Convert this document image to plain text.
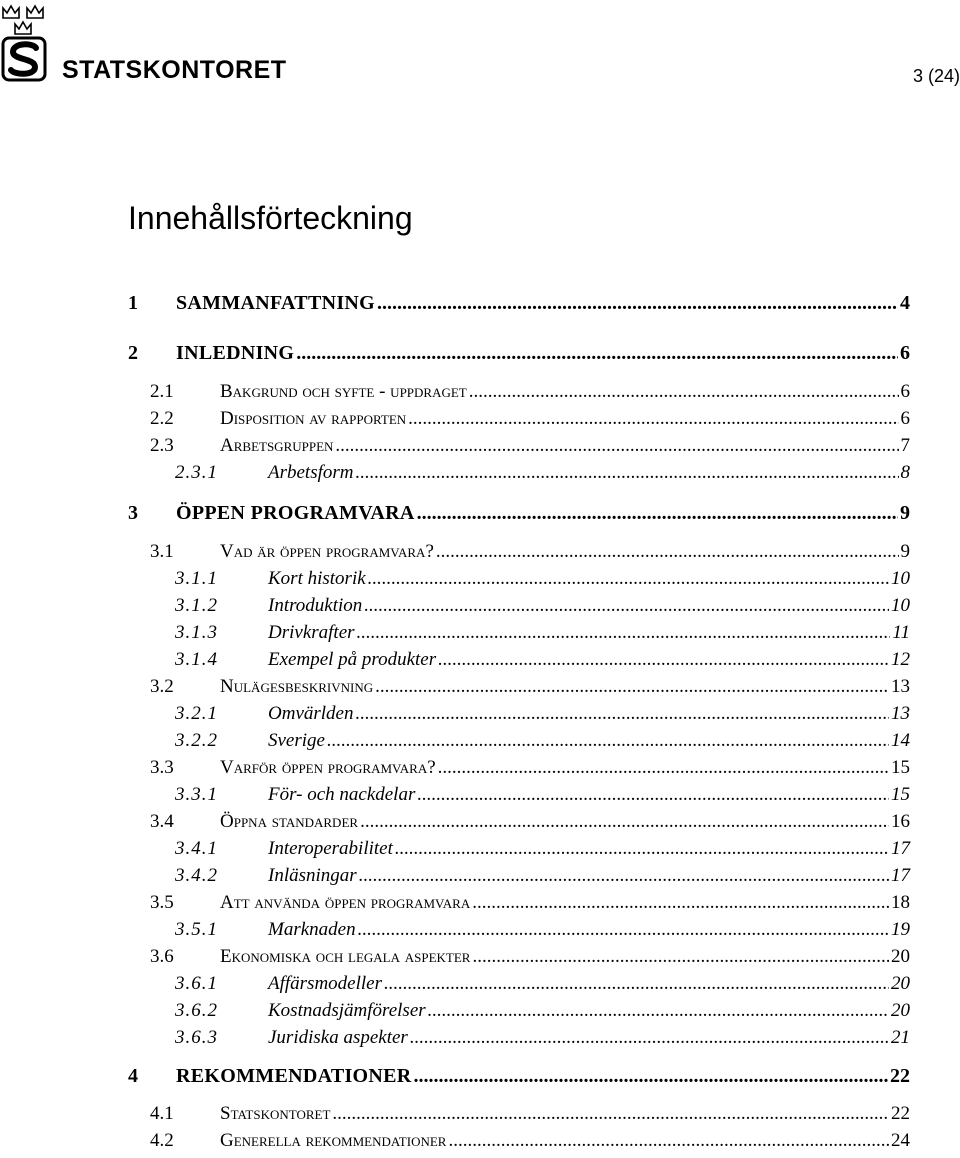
STATSKONTORET	3 (24)
Innehållsförteckning
1	SAMMANFATTNING .....	4
2	INLEDNING .....	6
2.1	Bakgrund och syfte - uppdraget .....	6
2.2	Disposition av rapporten .....	6
2.3	Arbetsgruppen .....	7
2.3.1	Arbetsform .....	8
3	ÖPPEN PROGRAMVARA .....	9
3.1	Vad är öppen programvara? .....	9
3.1.1	Kort historik .....	10
3.1.2	Introduktion .....	10
3.1.3	Drivkrafter .....	11
3.1.4	Exempel på produkter .....	12
3.2	Nulägesbeskrivning .....	13
3.2.1	Omvärlden .....	13
3.2.2	Sverige .....	14
3.3	Varför öppen programvara? .....	15
3.3.1	För- och nackdelar .....	15
3.4	Öppna standarder .....	16
3.4.1	Interoperabilitet .....	17
3.4.2	Inläsningar .....	17
3.5	Att använda öppen programvara .....	18
3.5.1	Marknaden .....	19
3.6	Ekonomiska och legala aspekter .....	20
3.6.1	Affärsmodeller .....	20
3.6.2	Kostnadsjämförelser .....	20
3.6.3	Juridiska aspekter .....	21
4	REKOMMENDATIONER .....	22
4.1	Statskontoret .....	22
4.2	Generella rekommendationer .....	24
